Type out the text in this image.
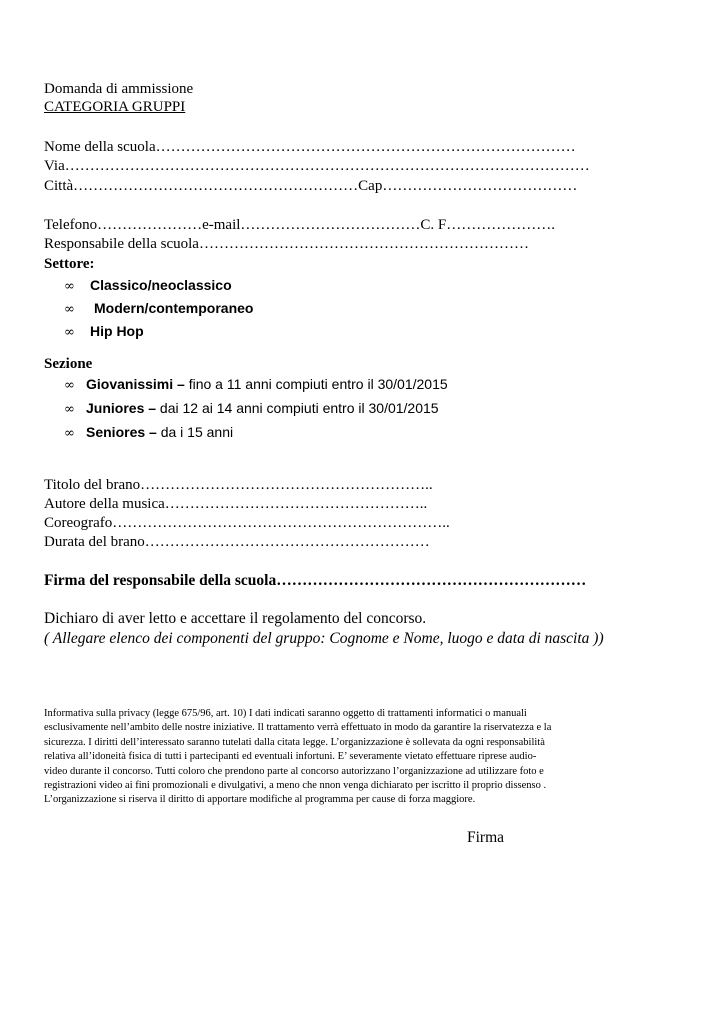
Domanda di ammissione
CATEGORIA GRUPPI
Nome della scuola…………………………………………………………………………
Via……………………………………………………………………………………………
Città…………………………………………………Cap…………………………………
Telefono…………………e-mail………………………………C. F………………….
Responsabile della scuola…………………………………………………………
Settore:
∞ Classico/neoclassico
∞ Modern/contemporaneo
∞ Hip Hop
Sezione
∞ Giovanissimi – fino a 11 anni compiuti entro il 30/01/2015
∞ Juniores – dai 12 ai 14 anni compiuti entro il 30/01/2015
∞ Seniores – da i 15 anni
Titolo del brano…………………………………………………..
Autore della musica……………………………………………..
Coreografo…………………………………………………………..
Durata del brano…………………………………………………
Firma del responsabile della scuola……………………………………………………
Dichiaro di aver letto e accettare il regolamento del concorso.
( Allegare elenco dei componenti del gruppo: Cognome e Nome, luogo e data di nascita ))
Informativa sulla privacy (legge 675/96, art. 10) I dati indicati saranno oggetto di trattamenti informatici o manuali
esclusivamente nell’ambito delle nostre iniziative. Il trattamento verrà effettuato in modo da garantire la riservatezza e la
sicurezza. I diritti dell’interessato saranno tutelati dalla citata legge. L’organizzazione è sollevata da ogni responsabilità
relativa all’idoneità fisica di tutti i partecipanti ed eventuali infortuni. E’ severamente vietato effettuare riprese audio-
video durante il concorso. Tutti coloro che prendono parte al concorso autorizzano l’organizzazione ad utilizzare foto e
registrazioni video ai fini promozionali e divulgativi, a meno che nnon venga dichiarato per iscritto il proprio dissenso .
L’organizzazione si riserva il diritto di apportare modifiche al programma per cause di forza maggiore.
Firma
